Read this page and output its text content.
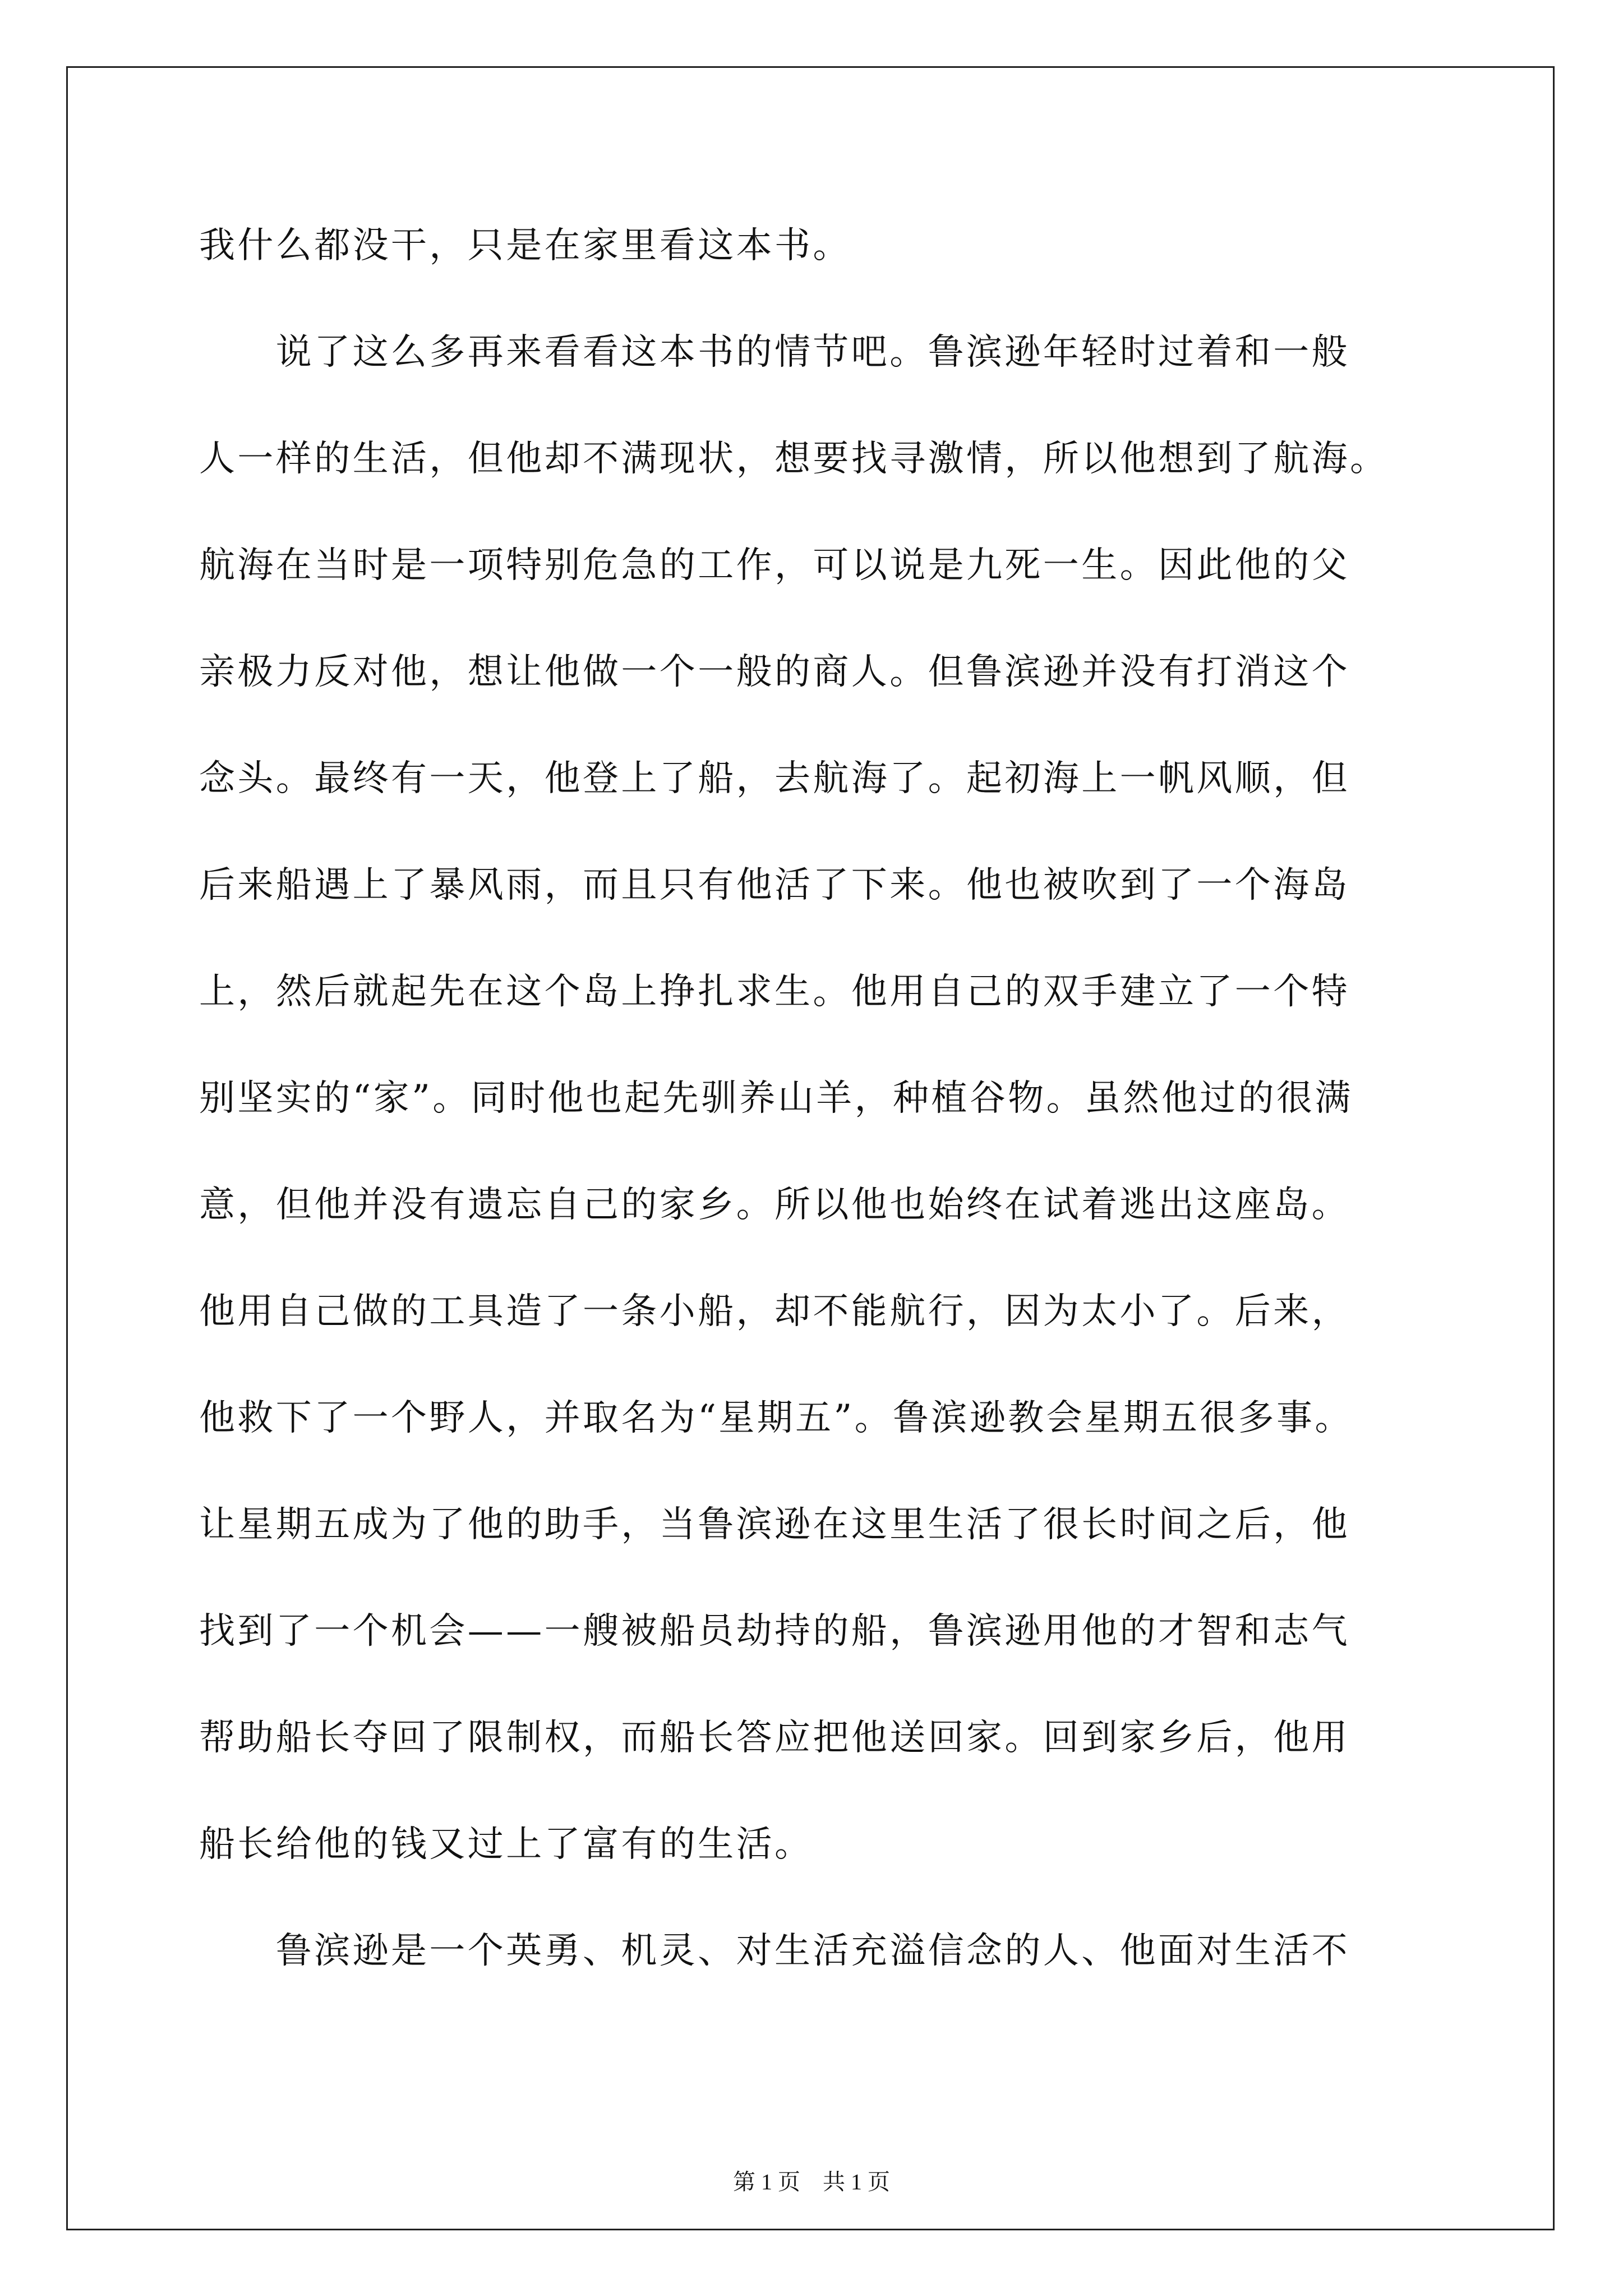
我什么都没干，只是在家里看这本书。
　　说了这么多再来看看这本书的情节吧。鲁滨逊年轻时过着和一般
人一样的生活，但他却不满现状，想要找寻激情，所以他想到了航海。
航海在当时是一项特别危急的工作，可以说是九死一生。因此他的父
亲极力反对他，想让他做一个一般的商人。但鲁滨逊并没有打消这个
念头。最终有一天，他登上了船，去航海了。起初海上一帆风顺，但
后来船遇上了暴风雨，而且只有他活了下来。他也被吹到了一个海岛
上，然后就起先在这个岛上挣扎求生。他用自己的双手建立了一个特
别坚实的“家”。同时他也起先驯养山羊，种植谷物。虽然他过的很满
意，但他并没有遗忘自己的家乡。所以他也始终在试着逃出这座岛。
他用自己做的工具造了一条小船，却不能航行，因为太小了。后来，
他救下了一个野人，并取名为“星期五”。鲁滨逊教会星期五很多事。
让星期五成为了他的助手，当鲁滨逊在这里生活了很长时间之后，他
找到了一个机会——一艘被船员劫持的船，鲁滨逊用他的才智和志气
帮助船长夺回了限制权，而船长答应把他送回家。回到家乡后，他用
船长给他的钱又过上了富有的生活。
　　鲁滨逊是一个英勇、机灵、对生活充溢信念的人、他面对生活不
第 1 页 共 1 页
